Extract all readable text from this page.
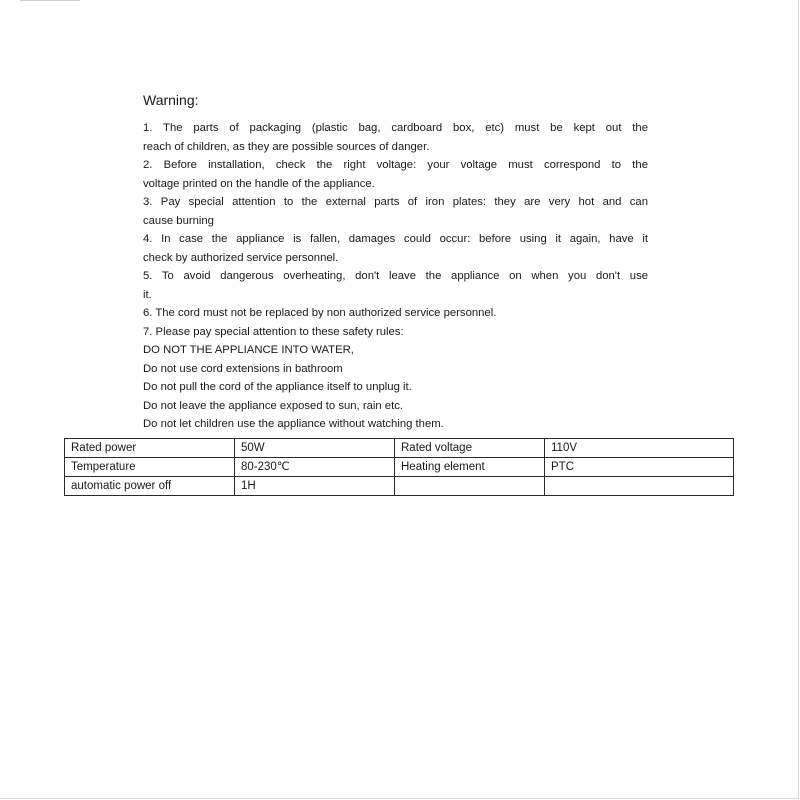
Warning:

1. The parts of packaging (plastic bag, cardboard box, etc) must be kept out the

reach of children, as they are possible sources of danger.

2. Before installation, check the right voltage: your voltage must correspond to the

voltage printed on the handle of the appliance.

3. Pay special attention to the external parts of iron plates: they are very hot and can

cause burning

4. In case the appliance is fallen, damages could occur: before using it again, have it

check by authorized service personnel.

5. To avoid dangerous overheating, don't leave the appliance on when you don't use

it.

6. The cord must not be replaced by non authorized service personnel.

7. Please pay special attention to these safety rules:

DO NOT THE APPLIANCE INTO WATER,

Do not use cord extensions in bathroom

Do not pull the cord of the appliance itself to unplug it.

Do not leave the appliance exposed to sun, rain etc.

Do not let children use the appliance without watching them.

Rated power	50W	Rated voltage	110V
Temperature	80-230℃	Heating element	PTC
automatic power off	1H		
